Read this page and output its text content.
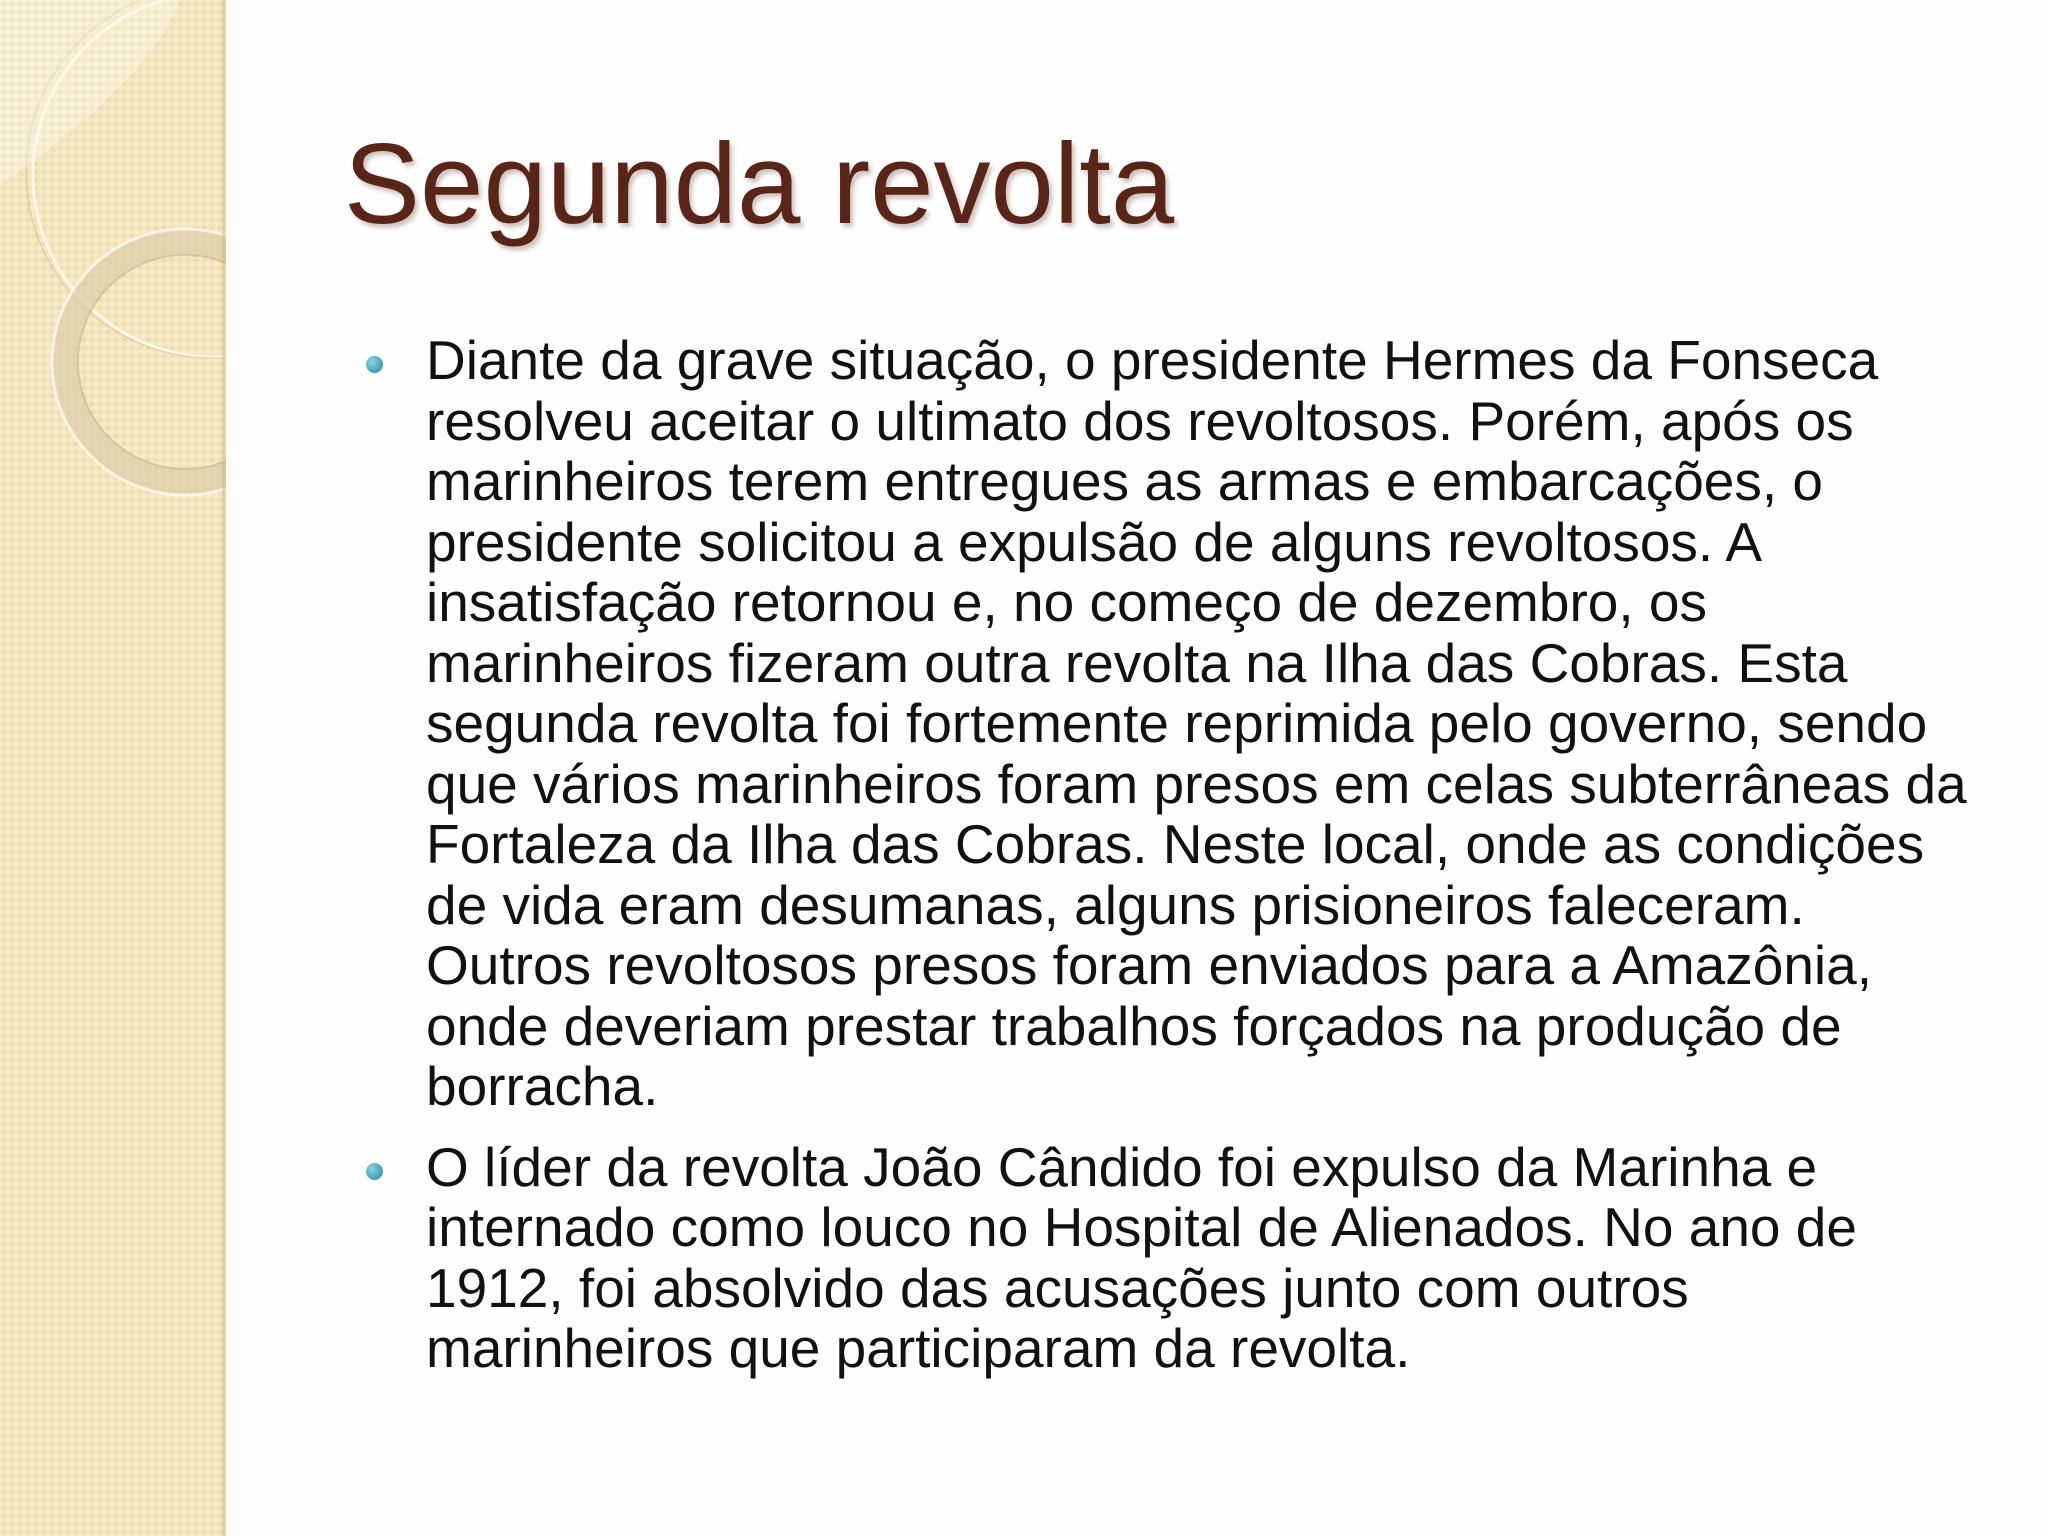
Segunda revolta
Diante da grave situação, o presidente Hermes da Fonseca resolveu aceitar o ultimato dos revoltosos. Porém, após os marinheiros terem entregues as armas e embarcações, o presidente solicitou a expulsão de alguns revoltosos. A insatisfação retornou e, no começo de dezembro, os marinheiros fizeram outra revolta na Ilha das Cobras. Esta segunda revolta foi fortemente reprimida pelo governo, sendo que vários marinheiros foram presos em celas subterrâneas da Fortaleza da Ilha das Cobras. Neste local, onde as condições de vida eram desumanas, alguns prisioneiros faleceram. Outros revoltosos presos foram enviados para a Amazônia, onde deveriam prestar trabalhos forçados na produção de borracha.
O líder da revolta João Cândido foi expulso da Marinha e internado como louco no Hospital de Alienados. No ano de 1912, foi absolvido das acusações junto com outros marinheiros que participaram da revolta.
